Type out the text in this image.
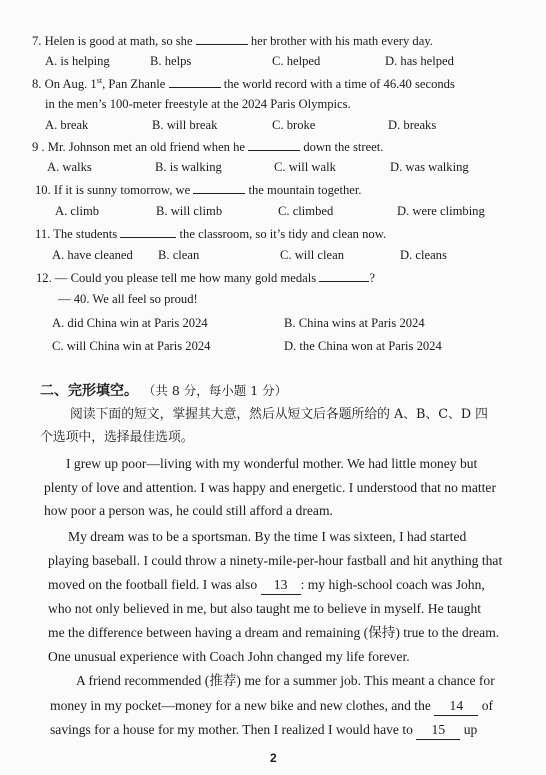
7. Helen is good at math, so she	her brother with his math every day.
A. is helping	B. helps	C. helped	D. has helped
8. On Aug. 1st, Pan Zhanle	the world record with a time of 46.40 seconds
in the men’s 100-meter freestyle at the 2024 Paris Olympics.
A. break	B. will break	C. broke	D. breaks
9 . Mr. Johnson met an old friend when he	down the street.
A. walks	B. is walking	C. will walk	D. was walking
10. If it is sunny tomorrow, we	the mountain together.
A. climb	B. will climb	C. climbed	D. were climbing
11. The students	the classroom, so it’s tidy and clean now.
A. have cleaned B. clean	C. will clean	D. cleans
12. — Could you please tell me how many gold medals	?
— 40. We all feel so proud!
A. did China win at Paris 2024	B. China wins at Paris 2024
C. will China win at Paris 2024	D. the China won at Paris 2024
二、完形填空。 （共 8 分，每小题 1 分）
阅读下面的短文，掌握其大意，然后从短文后各题所给的 A、B、C、D 四
个选项中，选择最佳选项。
I grew up poor—living with my wonderful mother. We had little money but
plenty of love and attention. I was happy and energetic. I understood that no matter
how poor a person was, he could still afford a dream.
My dream was to be a sportsman. By the time I was sixteen, I had started
playing baseball. I could throw a ninety-mile-per-hour fastball and hit anything that
moved on the football field. I was also 13 : my high-school coach was John,
who not only believed in me, but also taught me to believe in myself. He taught
me the difference between having a dream and remaining (保持) true to the dream.
One unusual experience with Coach John changed my life forever.
A friend recommended (推荐) me for a summer job. This meant a chance for
money in my pocket—money for a new bike and new clothes, and the 14 of
savings for a house for my mother. Then I realized I would have to 15 up
2
